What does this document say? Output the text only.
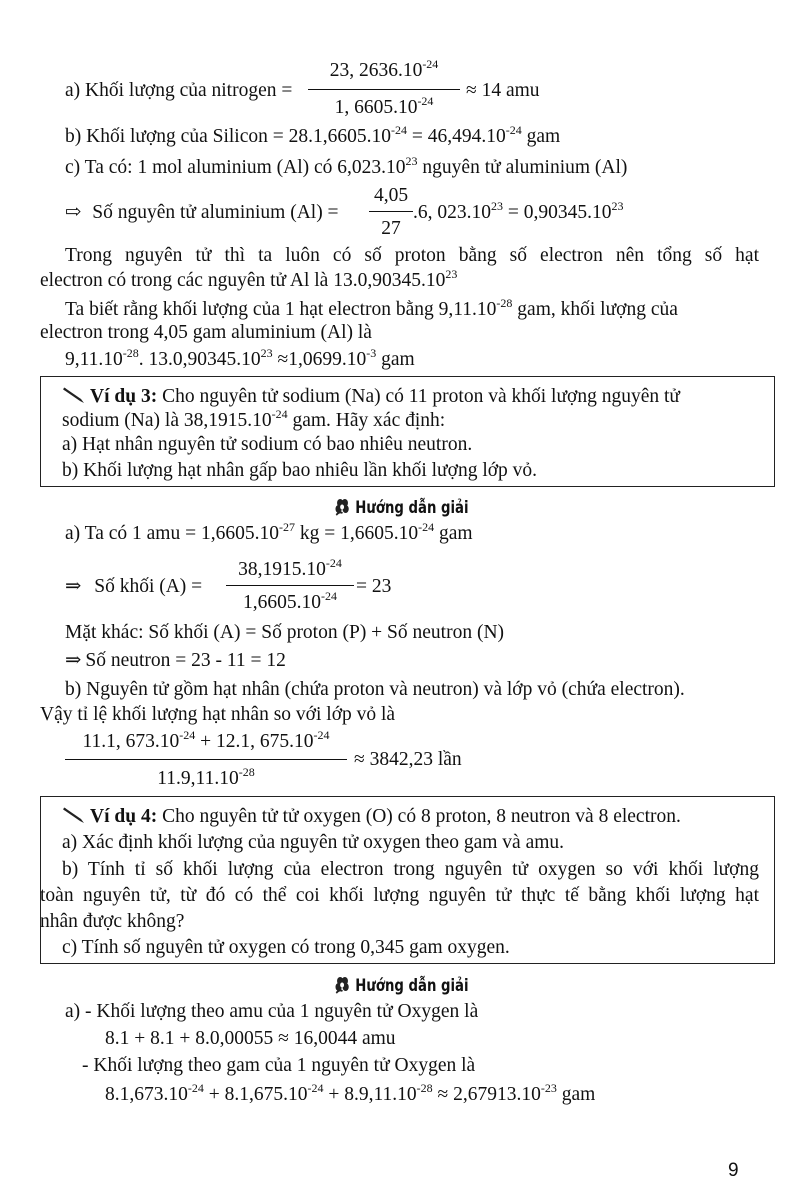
a) Khối lượng của nitrogen =
23, $2636.10^{-24}$
1, $6605.10^{-24}$	≈ 14 amu
b) Khối lượng của Silicon = $28.1,6605.10^{-24} = 46,494.10^{-24}$ gam
c) Ta có: 1 mol aluminium (Al) có 6,023.10$^{23}$ nguyên tử aluminium (Al)
⇨ Số nguyên tử aluminium (Al) =
4,05
27
.6, $023.10^{23} = 0,90345.10^{23}$
Trong nguyên tử thì ta luôn có số proton bằng số electron nên tổng số hạt
electron có trong các nguyên tử Al là 13.0,90345.10$^{23}$
Ta biết rằng khối lượng của 1 hạt electron bằng $9,11.10^{-28}$ gam, khối lượng của
electron trong 4,05 gam aluminium (Al) là
$9,11.10^{-28}$. $13.0,90345.10^{23} \approx 1,0699.10^{-3}$ gam
Ví dụ 3: Cho nguyên tử sodium (Na) có 11 proton và khối lượng nguyên tử
sodium (Na) là $38,1915.10^{-24}$ gam. Hãy xác định:
a) Hạt nhân nguyên tử sodium có bao nhiêu neutron.
b) Khối lượng hạt nhân gấp bao nhiêu lần khối lượng lớp vỏ.
Hướng dẫn giải
a) Ta có 1 amu = $1,6605.10^{-27}$ kg = $1,6605.10^{-24}$ gam
⇒ Số khối (A) =
$38,1915.10^{-24}$
$1,6605.10^{-24} = 23$
Mặt khác: Số khối (A) = Số proton (P) + Số neutron (N)
⇒ Số neutron = 23 - 11 = 12
b) Nguyên tử gồm hạt nhân (chứa proton và neutron) và lớp vỏ (chứa electron).
Vậy tỉ lệ khối lượng hạt nhân so với lớp vỏ là
11.1, $673.10^{-24} + 12.1$, $675.10^{-24}$
$11.9,11.10^{-28}$
≈ 3842,23 lần
Ví dụ 4: Cho nguyên tử tử oxygen (O) có 8 proton, 8 neutron và 8 electron.
a) Xác định khối lượng của nguyên tử oxygen theo gam và amu.
b) Tính tỉ số khối lượng của electron trong nguyên tử oxygen so với khối lượng
toàn nguyên tử, từ đó có thể coi khối lượng nguyên tử thực tế bằng khối lượng hạt
nhân được không?
c) Tính số nguyên tử oxygen có trong 0,345 gam oxygen.
Hướng dẫn giải
a) - Khối lượng theo amu của 1 nguyên tử Oxygen là
8.1 + 8.1 + 8.0,00055 ≈ 16,0044 amu
- Khối lượng theo gam của 1 nguyên tử Oxygen là
$8.1,673.10^{-24} + 8.1,675.10^{-24} + 8.9,11.10^{-28} \approx 2,67913.10^{-23}$ gam
9
